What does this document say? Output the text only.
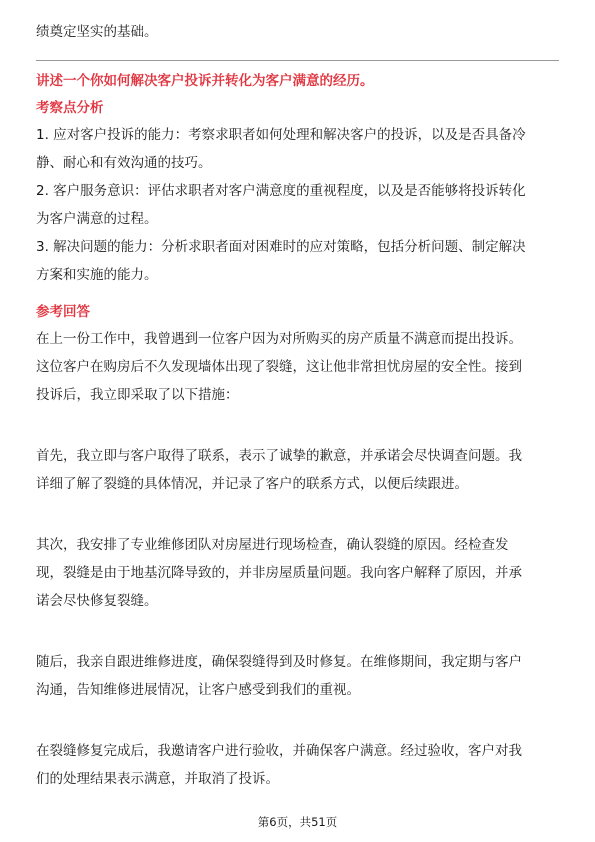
绩奠定坚实的基础。
讲述一个你如何解决客户投诉并转化为客户满意的经历。
考察点分析
1. 应对客户投诉的能力：考察求职者如何处理和解决客户的投诉，以及是否具备冷
静、耐心和有效沟通的技巧。
2. 客户服务意识：评估求职者对客户满意度的重视程度，以及是否能够将投诉转化
为客户满意的过程。
3. 解决问题的能力：分析求职者面对困难时的应对策略，包括分析问题、制定解决
方案和实施的能力。
参考回答
在上一份工作中，我曾遇到一位客户因为对所购买的房产质量不满意而提出投诉。
这位客户在购房后不久发现墙体出现了裂缝，这让他非常担忧房屋的安全性。接到
投诉后，我立即采取了以下措施：
首先，我立即与客户取得了联系，表示了诚挚的歉意，并承诺会尽快调查问题。我
详细了解了裂缝的具体情况，并记录了客户的联系方式，以便后续跟进。
其次，我安排了专业维修团队对房屋进行现场检查，确认裂缝的原因。经检查发
现，裂缝是由于地基沉降导致的，并非房屋质量问题。我向客户解释了原因，并承
诺会尽快修复裂缝。
随后，我亲自跟进维修进度，确保裂缝得到及时修复。在维修期间，我定期与客户
沟通，告知维修进展情况，让客户感受到我们的重视。
在裂缝修复完成后，我邀请客户进行验收，并确保客户满意。经过验收，客户对我
们的处理结果表示满意，并取消了投诉。
第6页，共51页
